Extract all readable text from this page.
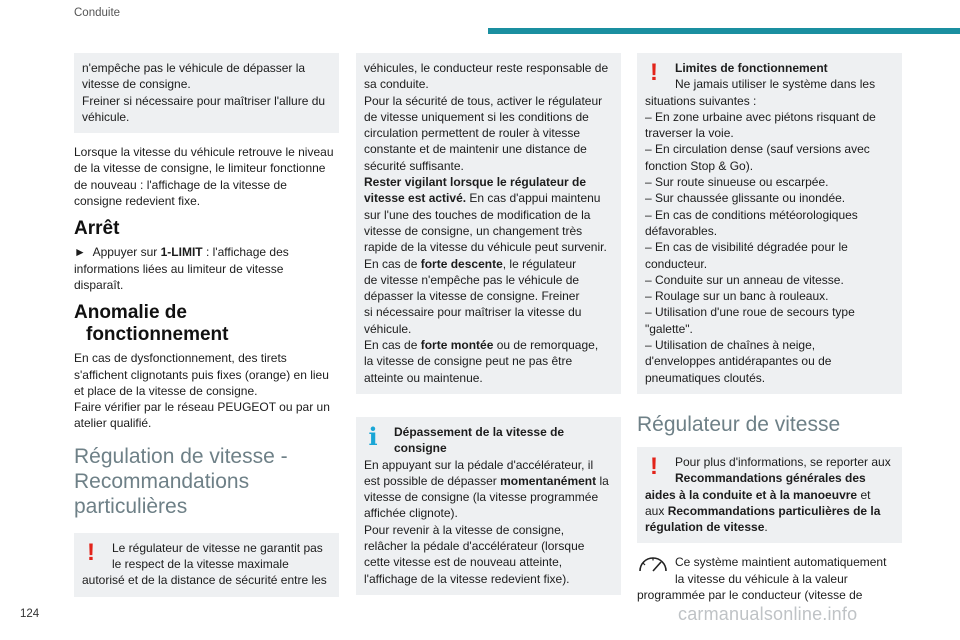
Conduite

n'empêche pas le véhicule de dépasser la

vitesse de consigne.

Freiner si nécessaire pour maîtriser l'allure du

véhicule.

Lorsque la vitesse du véhicule retrouve le niveau

de la vitesse de consigne, le limiteur fonctionne

de nouveau : l'affichage de la vitesse de

consigne redevient fixe.

Arrêt

► Appuyer sur 1-LIMIT : l'affichage des

informations liées au limiteur de vitesse

disparaît.

Anomalie de
fonctionnement

En cas de dysfonctionnement, des tirets

s'affichent clignotants puis fixes (orange) en lieu

et place de la vitesse de consigne.

Faire vérifier par le réseau PEUGEOT ou par un

atelier qualifié.

Régulation de vitesse -
Recommandations
particulières
!	Le régulateur de vitesse ne garantit pas

le respect de la vitesse maximale

autorisé et de la distance de sécurité entre les

véhicules, le conducteur reste responsable de

sa conduite.

Pour la sécurité de tous, activer le régulateur

de vitesse uniquement si les conditions de

circulation permettent de rouler à vitesse

constante et de maintenir une distance de

sécurité suffisante.

Rester vigilant lorsque le régulateur de

vitesse est activé. En cas d'appui maintenu

sur l'une des touches de modification de la

vitesse de consigne, un changement très

rapide de la vitesse du véhicule peut survenir.

En cas de forte descente, le régulateur

de vitesse n'empêche pas le véhicule de

dépasser la vitesse de consigne. Freiner

si nécessaire pour maîtriser la vitesse du

véhicule.

En cas de forte montée ou de remorquage,

la vitesse de consigne peut ne pas être

atteinte ou maintenue.

i	Dépassement de la vitesse de

consigne

En appuyant sur la pédale d'accélérateur, il

est possible de dépasser momentanément la

vitesse de consigne (la vitesse programmée

affichée clignote).

Pour revenir à la vitesse de consigne,

relâcher la pédale d'accélérateur (lorsque

cette vitesse est de nouveau atteinte,

l'affichage de la vitesse redevient fixe).

!	Limites de fonctionnement

Ne jamais utiliser le système dans les

situations suivantes :

– En zone urbaine avec piétons risquant de

traverser la voie.

– En circulation dense (sauf versions avec

fonction Stop & Go).

– Sur route sinueuse ou escarpée.

– Sur chaussée glissante ou inondée.

– En cas de conditions météorologiques

défavorables.

– En cas de visibilité dégradée pour le

conducteur.

– Conduite sur un anneau de vitesse.

– Roulage sur un banc à rouleaux.

– Utilisation d'une roue de secours type

"galette".

– Utilisation de chaînes à neige,

d'enveloppes antidérapantes ou de

pneumatiques cloutés.

Régulateur de vitesse
!	Pour plus d'informations, se reporter aux

Recommandations générales des

aides à la conduite et à la manoeuvre et

aux Recommandations particulières de la

régulation de vitesse.

Ce système maintient automatiquement

la vitesse du véhicule à la valeur

programmée par le conducteur (vitesse de

124	carmanualsonline.info
